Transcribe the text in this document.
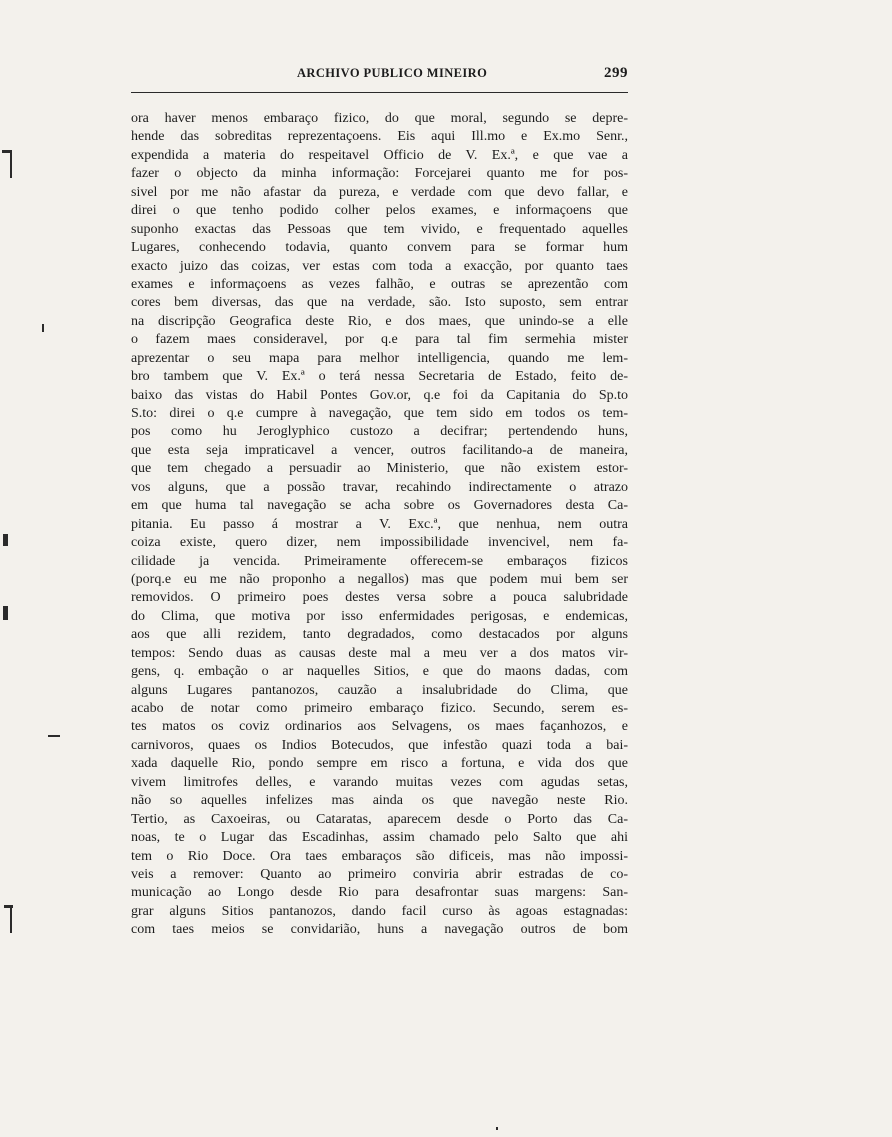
ARCHIVO PUBLICO MINEIRO	299
ora haver menos embaraço fizico, do que moral, segundo se depre-
hende das sobreditas reprezentaçoens. Eis aqui Ill.mo e Ex.mo Senr.,
expendida a materia do respeitavel Officio de V. Ex.ª, e que vae a
fazer o objecto da minha informação: Forcejarei quanto me for pos-
sivel por me não afastar da pureza, e verdade com que devo fallar, e
direi o que tenho podido colher pelos exames, e informaçoens que
suponho exactas das Pessoas que tem vivido, e frequentado aquelles
Lugares, conhecendo todavia, quanto convem para se formar hum
exacto juizo das coizas, ver estas com toda a exacção, por quanto taes
exames e informaçoens as vezes falhão, e outras se aprezentão com
cores bem diversas, das que na verdade, são. Isto suposto, sem entrar
na discripção Geografica deste Rio, e dos maes, que unindo-se a elle
o fazem maes consideravel, por q.e para tal fim sermehia mister
aprezentar o seu mapa para melhor intelligencia, quando me lem-
bro tambem que V. Ex.ª o terá nessa Secretaria de Estado, feito de-
baixo das vistas do Habil Pontes Gov.or, q.e foi da Capitania do Sp.to
S.to: direi o q.e cumpre à navegação, que tem sido em todos os tem-
pos como hu Jeroglyphico custozo a decifrar; pertendendo huns,
que esta seja impraticavel a vencer, outros facilitando-a de maneira,
que tem chegado a persuadir ao Ministerio, que não existem estor-
vos alguns, que a possão travar, recahindo indirectamente o atrazo
em que huma tal navegação se acha sobre os Governadores desta Ca-
pitania. Eu passo á mostrar a V. Exc.ª, que nenhua, nem outra
coiza existe, quero dizer, nem impossibilidade invencivel, nem fa-
cilidade ja vencida. Primeiramente offerecem-se embaraços fizicos
(porq.e eu me não proponho a negallos) mas que podem mui bem ser
removidos. O primeiro poes destes versa sobre a pouca salubridade
do Clima, que motiva por isso enfermidades perigosas, e endemicas,
aos que alli rezidem, tanto degradados, como destacados por alguns
tempos: Sendo duas as causas deste mal a meu ver a dos matos vir-
gens, q. embação o ar naquelles Sitios, e que do maons dadas, com
alguns Lugares pantanozos, cauzão a insalubridade do Clima, que
acabo de notar como primeiro embaraço fizico. Secundo, serem es-
tes matos os coviz ordinarios aos Selvagens, os maes façanhozos, e
carnivoros, quaes os Indios Botecudos, que infestão quazi toda a bai-
xada daquelle Rio, pondo sempre em risco a fortuna, e vida dos que
vivem limitrofes delles, e varando muitas vezes com agudas setas,
não so aquelles infelizes mas ainda os que navegão neste Rio.
Tertio, as Caxoeiras, ou Cataratas, aparecem desde o Porto das Ca-
noas, te o Lugar das Escadinhas, assim chamado pelo Salto que ahi
tem o Rio Doce. Ora taes embaraços são dificeis, mas não impossi-
veis a remover: Quanto ao primeiro conviria abrir estradas de co-
municação ao Longo desde Rio para desafrontar suas margens: San-
grar alguns Sitios pantanozos, dando facil curso às agoas estagnadas:
com taes meios se convidarião, huns a navegação outros de bom
